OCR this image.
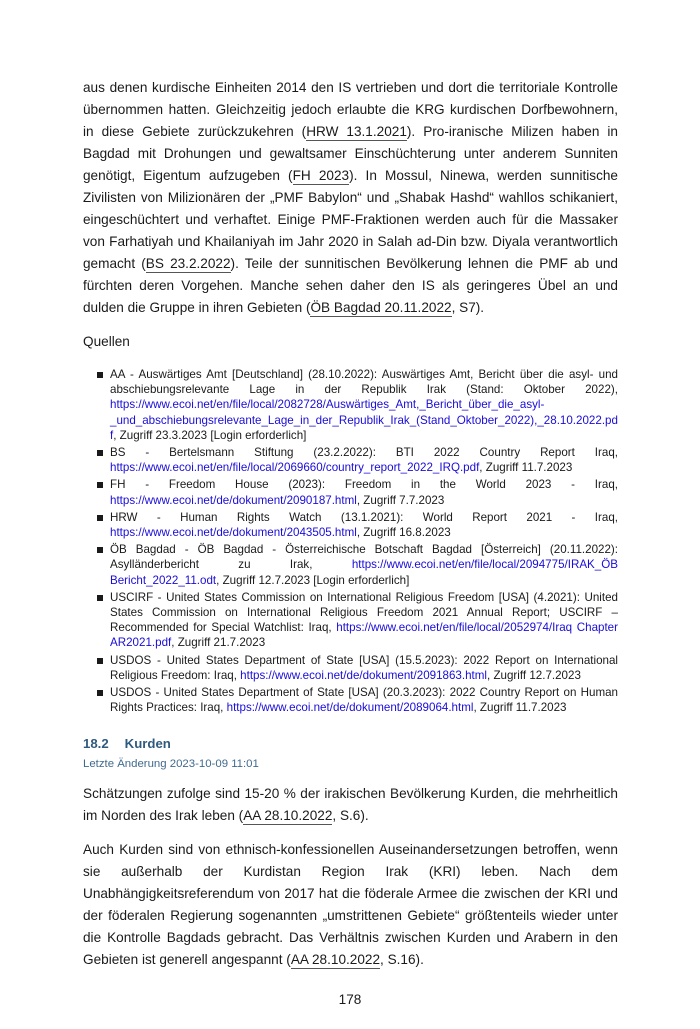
aus denen kurdische Einheiten 2014 den IS vertrieben und dort die territoriale Kontrolle übernommen hatten. Gleichzeitig jedoch erlaubte die KRG kurdischen Dorfbewohnern, in diese Gebiete zurückzukehren (HRW 13.1.2021). Pro-iranische Milizen haben in Bagdad mit Drohungen und gewaltsamer Einschüchterung unter anderem Sunniten genötigt, Eigentum aufzugeben (FH 2023). In Mossul, Ninewa, werden sunnitische Zivilisten von Milizionären der „PMF Babylon“ und „Shabak Hashd“ wahllos schikaniert, eingeschüchtert und verhaftet. Einige PMF-Fraktionen werden auch für die Massaker von Farhatiyah und Khailaniyah im Jahr 2020 in Salah ad-Din bzw. Diyala verantwortlich gemacht (BS 23.2.2022). Teile der sunnitischen Bevölkerung lehnen die PMF ab und fürchten deren Vorgehen. Manche sehen daher den IS als geringeres Übel an und dulden die Gruppe in ihren Gebieten (ÖB Bagdad 20.11.2022, S7).

Quellen
AA - Auswärtiges Amt [Deutschland] (28.10.2022): Auswärtiges Amt, Bericht über die asyl- und abschiebungsrelevante Lage in der Republik Irak (Stand: Oktober 2022), https://www.ecoi.net/en/file/local/2082728/Auswärtiges_Amt,_Bericht_über_die_asyl-_und_abschiebungsrelevante_Lage_in_der_Republik_Irak_(Stand_Oktober_2022),_28.10.2022.pdf, Zugriff 23.3.2023 [Login erforderlich]
BS - Bertelsmann Stiftung (23.2.2022): BTI 2022 Country Report Iraq, https://www.ecoi.net/en/file/local/2069660/country_report_2022_IRQ.pdf, Zugriff 11.7.2023
FH - Freedom House (2023): Freedom in the World 2023 - Iraq, https://www.ecoi.net/de/dokument/2090187.html, Zugriff 7.7.2023
HRW - Human Rights Watch (13.1.2021): World Report 2021 - Iraq, https://www.ecoi.net/de/dokument/2043505.html, Zugriff 16.8.2023
ÖB Bagdad - ÖB Bagdad - Österreichische Botschaft Bagdad [Österreich] (20.11.2022): Asylländerbericht zu Irak, https://www.ecoi.net/en/file/local/2094775/IRAK_ÖB Bericht_2022_11.odt, Zugriff 12.7.2023 [Login erforderlich]
USCIRF - United States Commission on International Religious Freedom [USA] (4.2021): United States Commission on International Religious Freedom 2021 Annual Report; USCIRF – Recommended for Special Watchlist: Iraq, https://www.ecoi.net/en/file/local/2052974/Iraq Chapter AR2021.pdf, Zugriff 21.7.2023
USDOS - United States Department of State [USA] (15.5.2023): 2022 Report on International Religious Freedom: Iraq, https://www.ecoi.net/de/dokument/2091863.html, Zugriff 12.7.2023
USDOS - United States Department of State [USA] (20.3.2023): 2022 Country Report on Human Rights Practices: Iraq, https://www.ecoi.net/de/dokument/2089064.html, Zugriff 11.7.2023
18.2 Kurden
Letzte Änderung 2023-10-09 11:01

Schätzungen zufolge sind 15-20 % der irakischen Bevölkerung Kurden, die mehrheitlich im Norden des Irak leben (AA 28.10.2022, S.6).

Auch Kurden sind von ethnisch-konfessionellen Auseinandersetzungen betroffen, wenn sie außerhalb der Kurdistan Region Irak (KRI) leben. Nach dem Unabhängigkeitsreferendum von 2017 hat die föderale Armee die zwischen der KRI und der föderalen Regierung sogenannten „umstrittenen Gebiete“ größtenteils wieder unter die Kontrolle Bagdads gebracht. Das Verhältnis zwischen Kurden und Arabern in den Gebieten ist generell angespannt (AA 28.10.2022, S.16).

178
